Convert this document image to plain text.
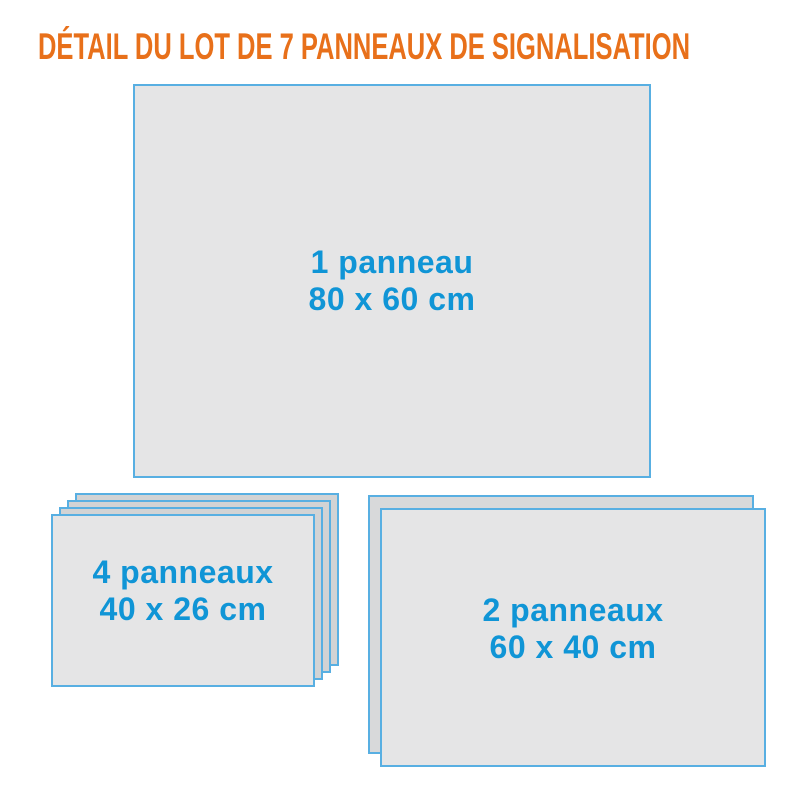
DÉTAIL DU LOT DE 7 PANNEAUX DE SIGNALISATION
1 panneau
80 x 60 cm
4 panneaux
40 x 26 cm	2 panneaux
60 x 40 cm
